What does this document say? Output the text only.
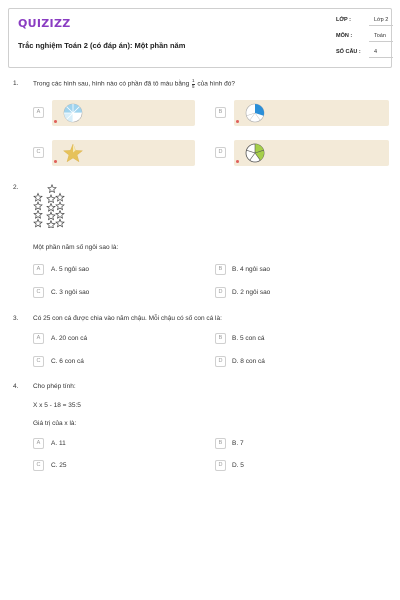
QUIZIZZ
Trắc nghiệm Toán 2 (có đáp án): Một phần năm
LỚP :	Lớp 2
MÔN :	Toán
SỐ CÂU :	4
1. Trong các hình sau, hình nào có phần đã tô màu bằng $\frac{1}{5}$ của hình đó?
A	B
C	D
2.
Một phần năm số ngôi sao là:
A	A. 5 ngôi sao	B	B. 4 ngôi sao
C	C. 3 ngôi sao	D	D. 2 ngôi sao
3. Có 25 con cá được chia vào năm chậu. Mỗi chậu có số con cá là:
A	A. 20 con cá	B	B. 5 con cá
C	C. 6 con cá	D	D. 8 con cá
4. Cho phép tính:
X x 5 - 18 = 35:5
Giá trị của x là:
A	A. 11	B	B. 7
C	C. 25	D	D. 5
